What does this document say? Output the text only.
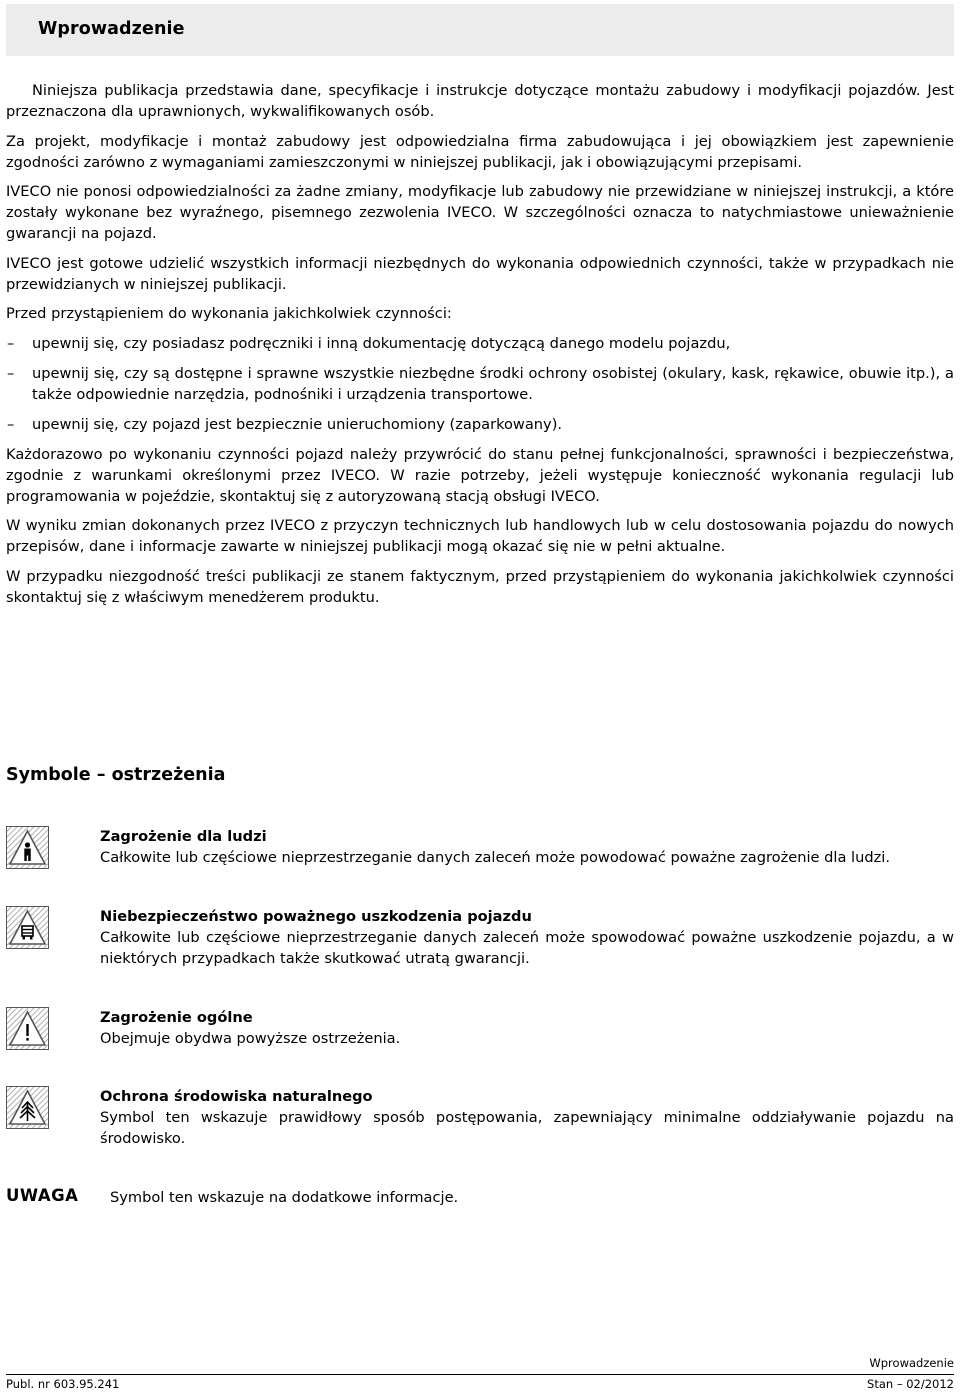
Wprowadzenie

Niniejsza publikacja przedstawia dane, specyfikacje i instrukcje dotyczące montażu zabudowy i modyfikacji pojazdów. Jest przeznaczona dla uprawnionych, wykwalifikowanych osób.

Za projekt, modyfikacje i montaż zabudowy jest odpowiedzialna firma zabudowująca i jej obowiązkiem jest zapewnienie zgodności zarówno z wymaganiami zamieszczonymi w niniejszej publikacji, jak i obowiązującymi przepisami.

IVECO nie ponosi odpowiedzialności za żadne zmiany, modyfikacje lub zabudowy nie przewidziane w niniejszej instrukcji, a które zostały wykonane bez wyraźnego, pisemnego zezwolenia IVECO. W szczególności oznacza to natychmiastowe unieważnienie gwarancji na pojazd.

IVECO jest gotowe udzielić wszystkich informacji niezbędnych do wykonania odpowiednich czynności, także w przypadkach nie przewidzianych w niniejszej publikacji.

Przed przystąpieniem do wykonania jakichkolwiek czynności:

–	upewnij się, czy posiadasz podręczniki i inną dokumentację dotyczącą danego modelu pojazdu,
–	upewnij się, czy są dostępne i sprawne wszystkie niezbędne środki ochrony osobistej (okulary, kask, rękawice, obuwie itp.), a także odpowiednie narzędzia, podnośniki i urządzenia transportowe.
–	upewnij się, czy pojazd jest bezpiecznie unieruchomiony (zaparkowany).

Każdorazowo po wykonaniu czynności pojazd należy przywrócić do stanu pełnej funkcjonalności, sprawności i bezpieczeństwa, zgodnie z warunkami określonymi przez IVECO. W razie potrzeby, jeżeli występuje konieczność wykonania regulacji lub programowania w pojeździe, skontaktuj się z autoryzowaną stacją obsługi IVECO.

W wyniku zmian dokonanych przez IVECO z przyczyn technicznych lub handlowych lub w celu dostosowania pojazdu do nowych przepisów, dane i informacje zawarte w niniejszej publikacji mogą okazać się nie w pełni aktualne.

W przypadku niezgodność treści publikacji ze stanem faktycznym, przed przystąpieniem do wykonania jakichkolwiek czynności skontaktuj się z właściwym menedżerem produktu.

Symbole – ostrzeżenia
Zagrożenie dla ludzi
Całkowite lub częściowe nieprzestrzeganie danych zaleceń może powodować poważne zagrożenie dla ludzi.
Niebezpieczeństwo poważnego uszkodzenia pojazdu
Całkowite lub częściowe nieprzestrzeganie danych zaleceń może spowodować poważne uszkodzenie pojazdu, a w niektórych przypadkach także skutkować utratą gwarancji.
Zagrożenie ogólne
Obejmuje obydwa powyższe ostrzeżenia.
Ochrona środowiska naturalnego
Symbol ten wskazuje prawidłowy sposób postępowania, zapewniający minimalne oddziaływanie pojazdu na środowisko.
UWAGA Symbol ten wskazuje na dodatkowe informacje.
Wprowadzenie
Publ. nr 603.95.241	Stan – 02/2012
